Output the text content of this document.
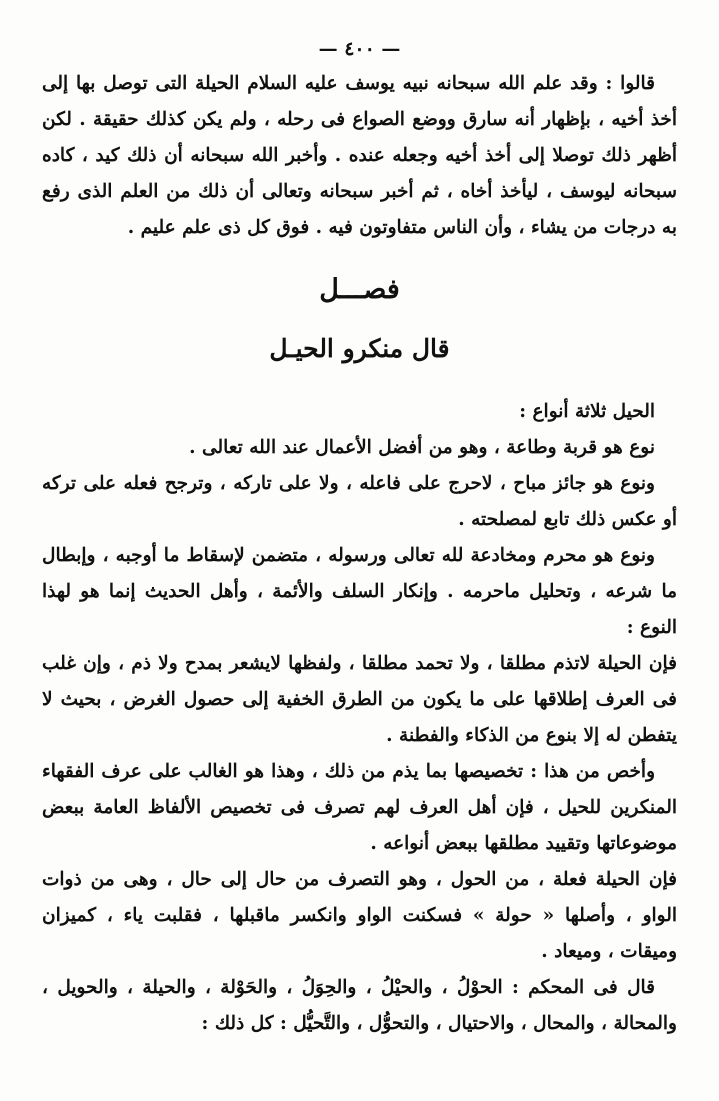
— ٤٠٠ —

قالوا : وقد علم الله سبحانه نبيه يوسف عليه السلام الحيلة التى توصل بها إلى أخذ أخيه ، بإظهار أنه سارق ووضع الصواع فى رحله ، ولم يكن كذلك حقيقة . لكن أظهر ذلك توصلا إلى أخذ أخيه وجعله عنده . وأخبر الله سبحانه أن ذلك كيد ، كاده سبحانه ليوسف ، ليأخذ أخاه ، ثم أخبر سبحانه وتعالى أن ذلك من العلم الذى رفع به درجات من يشاء ، وأن الناس متفاوتون فيه . فوق كل ذى علم عليم .

فصـــل
قال منكرو الحيـل

الحيل ثلاثة أنواع :

نوع هو قربة وطاعة ، وهو من أفضل الأعمال عند الله تعالى .

ونوع هو جائز مباح ، لاحرج على فاعله ، ولا على تاركه ، وترجح فعله على تركه أو عكس ذلك تابع لمصلحته .

ونوع هو محرم ومخادعة لله تعالى ورسوله ، متضمن لإسقاط ما أوجبه ، وإبطال ما شرعه ، وتحليل ماحرمه . وإنكار السلف والأئمة ، وأهل الحديث إنما هو لهذا النوع :

فإن الحيلة لاتذم مطلقا ، ولا تحمد مطلقا ، ولفظها لايشعر بمدح ولا ذم ، وإن غلب فى العرف إطلاقها على ما يكون من الطرق الخفية إلى حصول الغرض ، بحيث لا يتفطن له إلا بنوع من الذكاء والفطنة .

وأخص من هذا : تخصيصها بما يذم من ذلك ، وهذا هو الغالب على عرف الفقهاء المنكرين للحيل ، فإن أهل العرف لهم تصرف فى تخصيص الألفاظ العامة ببعض موضوعاتها وتقييد مطلقها ببعض أنواعه .

فإن الحيلة فعلة ، من الحول ، وهو التصرف من حال إلى حال ، وهى من ذوات الواو ، وأصلها « حولة » فسكنت الواو وانكسر ماقبلها ، فقلبت ياء ، كميزان وميقات ، وميعاد .

قال فى المحكم : الحوْلُ ، والحيْلُ ، والحِوَلُ ، والحَوْلة ، والحيلة ، والحويل ، والمحالة ، والمحال ، والاحتيال ، والتحوُّل ، والتَّحيُّل : كل ذلك :
